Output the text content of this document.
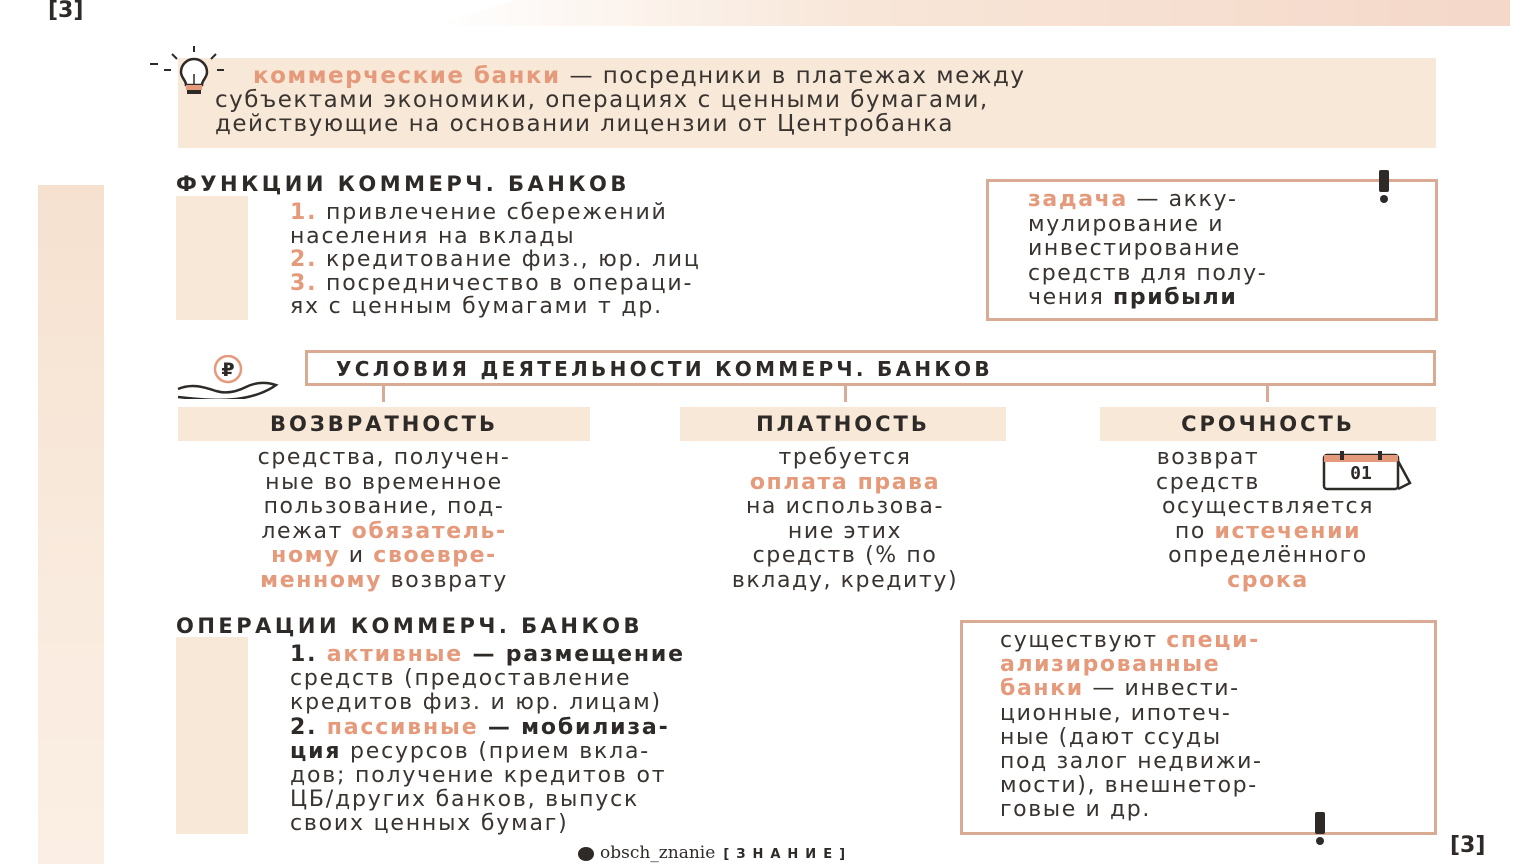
[3]
коммерческие банки — посредники в платежах между
субъектами экономики, операциях с ценными бумагами,
действующие на основании лицензии от Центробанка
ФУНКЦИИ КОММЕРЧ. БАНКОВ
1. привлечение сбережений
населения на вклады
2. кредитование физ., юр. лиц
3. посредничество в операци-
ях с ценным бумагами т др.
задача — акку-
мулирование и
инвестирование
средств для полу-
чения прибыли
₽	УСЛОВИЯ ДЕЯТЕЛЬНОСТИ КОММЕРЧ. БАНКОВ
ВОЗВРАТНОСТЬ
средства, получен-
ные во временное
пользование, под-
лежат обязатель-
ному и своевре-
менному возврату
ПЛАТНОСТЬ
требуется
оплата права
на использова-
ние этих
средств (% по
вкладу, кредиту)
СРОЧНОСТЬ
возврат
средств
осуществляется
по истечении
определённого
срока
01
ОПЕРАЦИИ КОММЕРЧ. БАНКОВ
1. активные — размещение
средств (предоставление
кредитов физ. и юр. лицам)
2. пассивные — мобилиза-
ция ресурсов (прием вкла-
дов; получение кредитов от
ЦБ/других банков, выпуск
своих ценных бумаг)
существуют специ-
ализированные
банки — инвести-
ционные, ипотеч-
ные (дают ссуды
под залог недвижи-
мости), внешнетор-
говые и др.
obsch_znanie [ЗНАНИЕ]	[3]
